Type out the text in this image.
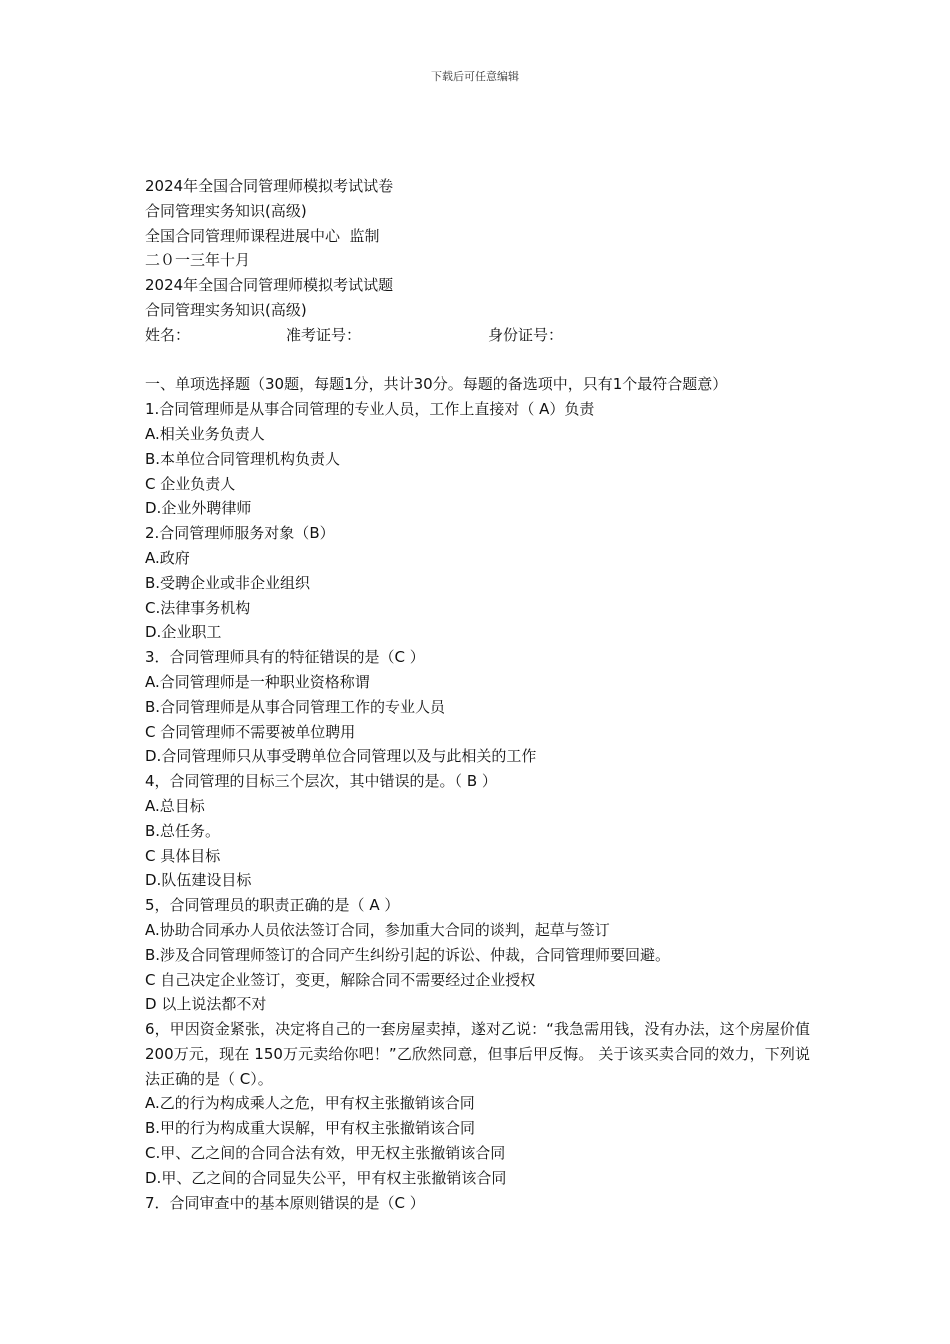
下载后可任意编辑

2024年全国合同管理师模拟考试试卷

合同管理实务知识(高级)

全国合同管理师课程进展中心  监制

二０一三年十月

2024年全国合同管理师模拟考试试题

合同管理实务知识(高级)

姓名：	准考证号：	身份证号：

一、单项选择题（30题，每题1分，共计30分。每题的备选项中，只有1个最符合题意）

1.合同管理师是从事合同管理的专业人员，工作上直接对（ A）负责

A.相关业务负责人

B.本单位合同管理机构负责人

C 企业负责人

D.企业外聘律师

2.合同管理师服务对象（B）

A.政府

B.受聘企业或非企业组织

C.法律事务机构

D.企业职工

3．合同管理师具有的特征错误的是（C ）

A.合同管理师是一种职业资格称谓

B.合同管理师是从事合同管理工作的专业人员

C 合同管理师不需要被单位聘用

D.合同管理师只从事受聘单位合同管理以及与此相关的工作

4，合同管理的目标三个层次，其中错误的是。（ B ）

A.总目标

B.总任务。

C 具体目标

D.队伍建设目标

5，合同管理员的职责正确的是（ A ）

A.协助合同承办人员依法签订合同，参加重大合同的谈判，起草与签订

B.涉及合同管理师签订的合同产生纠纷引起的诉讼、仲裁，合同管理师要回避。

C 自己决定企业签订，变更，解除合同不需要经过企业授权

D 以上说法都不对

6，甲因资金紧张，决定将自己的一套房屋卖掉，遂对乙说：“我急需用钱，没有办法，这个房屋价值 200万元，现在 150万元卖给你吧！”乙欣然同意，但事后甲反悔。 关于该买卖合同的效力，下列说法正确的是（ C）。

A.乙的行为构成乘人之危，甲有权主张撤销该合同

B.甲的行为构成重大误解，甲有权主张撤销该合同

C.甲、乙之间的合同合法有效，甲无权主张撤销该合同

D.甲、乙之间的合同显失公平，甲有权主张撤销该合同

7．合同审查中的基本原则错误的是（C ）
